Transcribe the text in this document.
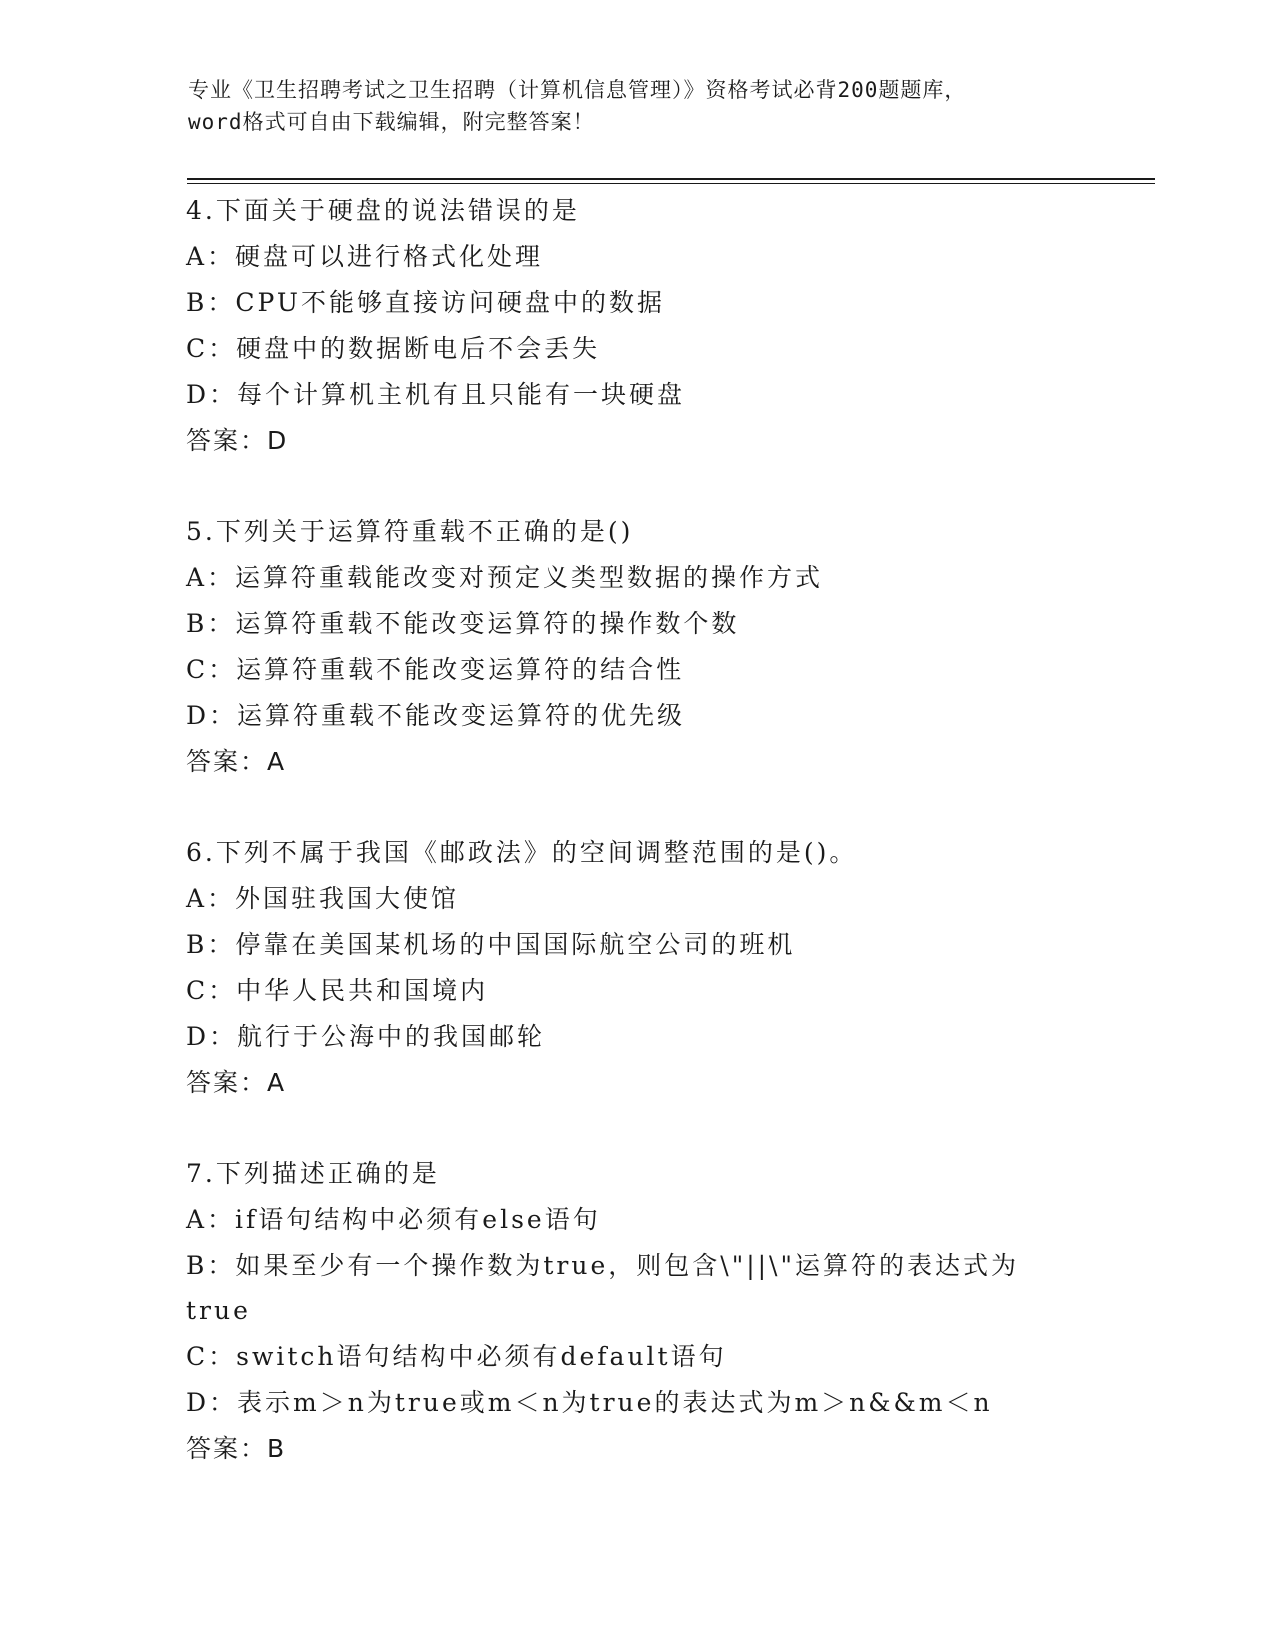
专业《卫生招聘考试之卫生招聘（计算机信息管理）》资格考试必背200题题库，
word格式可自由下载编辑，附完整答案！
4.下面关于硬盘的说法错误的是
A：硬盘可以进行格式化处理
B：CPU不能够直接访问硬盘中的数据
C：硬盘中的数据断电后不会丢失
D：每个计算机主机有且只能有一块硬盘
答案：D
5.下列关于运算符重载不正确的是()
A：运算符重载能改变对预定义类型数据的操作方式
B：运算符重载不能改变运算符的操作数个数
C：运算符重载不能改变运算符的结合性
D：运算符重载不能改变运算符的优先级
答案：A
6.下列不属于我国《邮政法》的空间调整范围的是()。
A：外国驻我国大使馆
B：停靠在美国某机场的中国国际航空公司的班机
C：中华人民共和国境内
D：航行于公海中的我国邮轮
答案：A
7.下列描述正确的是
A：if语句结构中必须有else语句
B：如果至少有一个操作数为true，则包含\"||\"运算符的表达式为
true
C：switch语句结构中必须有default语句
D：表示m＞n为true或m＜n为true的表达式为m＞n&&m＜n
答案：B
